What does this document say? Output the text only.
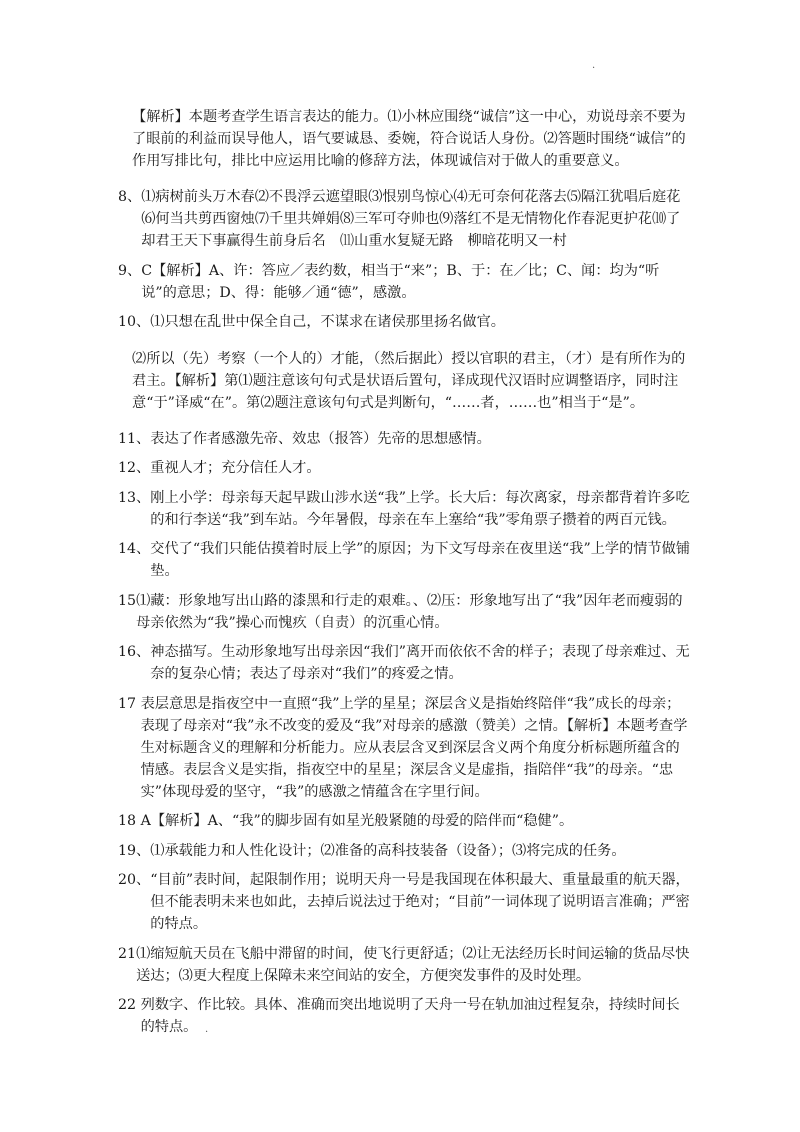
.

【解析】本题考查学生语言表达的能力。⑴小林应围绕“诚信”这一中心，劝说母亲不要为了眼前的利益而误导他人，语气要诚恳、委婉，符合说话人身份。⑵答题时围绕“诚信”的作用写排比句，排比中应运用比喻的修辞方法，体现诚信对于做人的重要意义。

8、 ⑴病树前头万木春⑵不畏浮云遮望眼⑶恨别鸟惊心⑷无可奈何花落去⑸隔江犹唱后庭花⑹何当共剪西窗烛⑺千里共婵娟⑻三军可夺帅也⑼落红不是无情物化作春泥更护花⑽了却君王天下事赢得生前身后名　⑾山重水复疑无路　柳暗花明又一村

9、 C【解析】A、许：答应／表约数，相当于“来”；B、于：在／比；C、闻：均为“听说”的意思；D、得：能够／通“德”，感激。

10、 ⑴只想在乱世中保全自己，不谋求在诸侯那里扬名做官。

⑵所以（先）考察（一个人的）才能，（然后据此）授以官职的君主，（才）是有所作为的君主。【解析】第⑴题注意该句句式是状语后置句，译成现代汉语时应调整语序，同时注意“于”译威“在”。第⑵题注意该句句式是判断句，“……者，……也”相当于“是”。

11、 表达了作者感激先帝、效忠（报答）先帝的思想感情。

12、 重视人才；充分信任人才。

13、 刚上小学：母亲每天起早跋山涉水送“我”上学。长大后：每次离家，母亲都背着许多吃的和行李送“我”到车站。今年暑假，母亲在车上塞给“我”零角票子攒着的两百元钱。

14、 交代了“我们只能估摸着时辰上学”的原因；为下文写母亲在夜里送“我”上学的情节做铺垫。

15 ⑴藏：形象地写出山路的漆黑和行走的艰难。、⑵压：形象地写出了“我”因年老而瘦弱的母亲依然为“我”操心而愧疚（自责）的沉重心情。

16、 神态描写。生动形象地写出母亲因“我们”离开而依依不舍的样子；表现了母亲难过、无奈的复杂心情；表达了母亲对“我们”的疼爱之情。

17 表层意思是指夜空中一直照“我”上学的星星；深层含义是指始终陪伴“我”成长的母亲；表现了母亲对“我”永不改变的爱及“我”对母亲的感激（赞美）之情。【解析】本题考查学生对标题含义的理解和分析能力。应从表层含叉到深层含义两个角度分析标题所蕴含的情感。表层含义是实指，指夜空中的星星；深层含义是虚指，指陪伴“我”的母亲。“忠实”体现母爱的坚守，“我”的感激之情蕴含在字里行间。

18 A【解析】A、“我”的脚步固有如星光般紧随的母爱的陪伴而“稳健”。

19、 ⑴承载能力和人性化设计；⑵准备的高科技装备（设备）；⑶将完成的任务。

20、 “目前”表时间，起限制作用；说明天舟一号是我国现在体积最大、重量最重的航天器，但不能表明未来也如此，去掉后说法过于绝对；“目前”一词体现了说明语言准确；严密的特点。

21 ⑴缩短航天员在飞船中滞留的时间，使飞行更舒适；⑵让无法经历长时间运输的货品尽快送达；⑶更大程度上保障未来空间站的安全，方便突发事件的及时处理。

22 列数字、作比较。具体、准确而突出地说明了天舟一号在轨加油过程复杂，持续时间长的特点。 .
